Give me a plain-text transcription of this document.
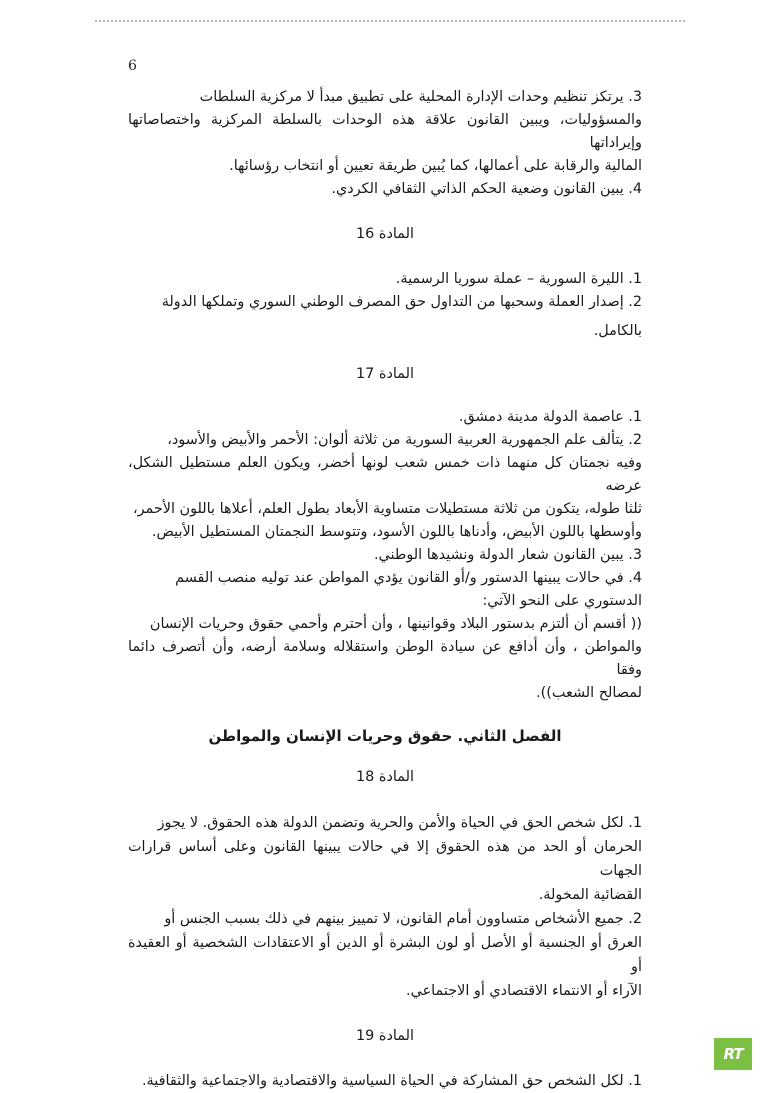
6
3. يرتكز تنظيم وحدات الإدارة المحلية على تطبيق مبدأ لا مركزية السلطات
والمسؤوليات، ويبين القانون علاقة هذه الوحدات بالسلطة المركزية واختصاصاتها وإيراداتها
المالية والرقابة على أعمالها، كما يُبين طريقة تعيين أو انتخاب رؤسائها.
4. يبين القانون وضعية الحكم الذاتي الثقافي الكردي.
المادة 16
1. الليرة السورية – عملة سوريا الرسمية.
2. إصدار العملة وسحبها من التداول حق المصرف الوطني السوري وتملكها الدولة
بالكامل.
المادة 17
1. عاصمة الدولة مدينة دمشق.
2. يتألف علم الجمهورية العربية السورية من ثلاثة ألوان: الأحمر والأبيض والأسود،
وفيه نجمتان كل منهما ذات خمس شعب لونها أخضر، ويكون العلم مستطيل الشكل، عرضه
ثلثا طوله، يتكون من ثلاثة مستطيلات متساوية الأبعاد بطول العلم، أعلاها باللون الأحمر،
وأوسطها باللون الأبيض، وأدناها باللون الأسود، وتتوسط النجمتان المستطيل الأبيض.
3. يبين القانون شعار الدولة ونشيدها الوطني.
4. في حالات يبينها الدستور و/أو القانون يؤدي المواطن عند توليه منصب القسم
الدستوري على النحو الآتي:
(( أقسم أن ألتزم بدستور البلاد وقوانينها ، وأن أحترم وأحمي حقوق وحريات الإنسان
والمواطن ، وأن أدافع عن سيادة الوطن واستقلاله وسلامة أرضه، وأن أتصرف دائما وفقا
لمصالح الشعب)).
الفصل الثاني. حقوق وحريات الإنسان والمواطن
المادة 18
1. لكل شخص الحق في الحياة والأمن والحرية وتضمن الدولة هذه الحقوق. لا يجوز
الحرمان أو الحد من هذه الحقوق إلا في حالات يبينها القانون وعلى أساس قرارات الجهات
القضائية المخولة.
2. جميع الأشخاص متساوون أمام القانون، لا تمييز بينهم في ذلك بسبب الجنس أو
العرق أو الجنسية أو الأصل أو لون البشرة أو الدين أو الاعتقادات الشخصية أو العقيدة أو
الآراء أو الانتماء الاقتصادي أو الاجتماعي.
المادة 19
1. لكل الشخص حق المشاركة في الحياة السياسية والاقتصادية والاجتماعية والثقافية.
RT
